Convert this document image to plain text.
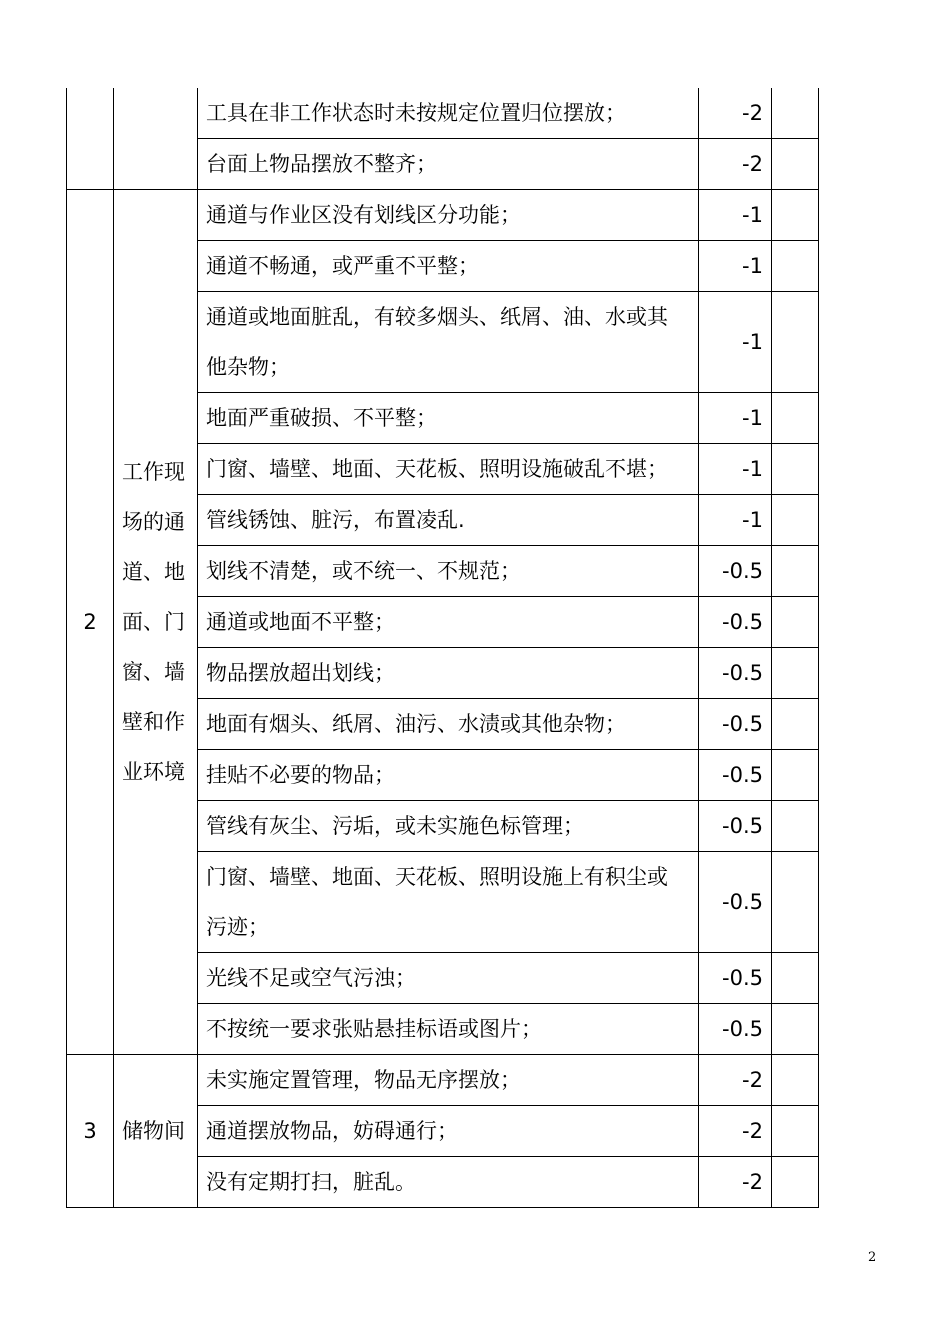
		工具在非工作状态时未按规定位置归位摆放；	-2	

		台面上物品摆放不整齐；	-2	
2	工作现场的通道、地面、门窗、墙壁和作业环境	通道与作业区没有划线区分功能；	-1	

		通道不畅通，或严重不平整；	-1	

		通道或地面脏乱，有较多烟头、纸屑、油、水或其他杂物；	-1	

		地面严重破损、不平整；	-1	

		门窗、墙壁、地面、天花板、照明设施破乱不堪；	-1	

		管线锈蚀、脏污，布置凌乱.	-1	

		划线不清楚，或不统一、不规范；	-0.5	

		通道或地面不平整；	-0.5	

		物品摆放超出划线；	-0.5	

		地面有烟头、纸屑、油污、水渍或其他杂物；	-0.5	

		挂贴不必要的物品；	-0.5	

		管线有灰尘、污垢，或未实施色标管理；	-0.5	

		门窗、墙壁、地面、天花板、照明设施上有积尘或污迹；	-0.5	

		光线不足或空气污浊；	-0.5	

		不按统一要求张贴悬挂标语或图片；	-0.5	
3	储物间	未实施定置管理，物品无序摆放；	-2	

		通道摆放物品，妨碍通行；	-2	

		没有定期打扫，脏乱。	-2	
2
